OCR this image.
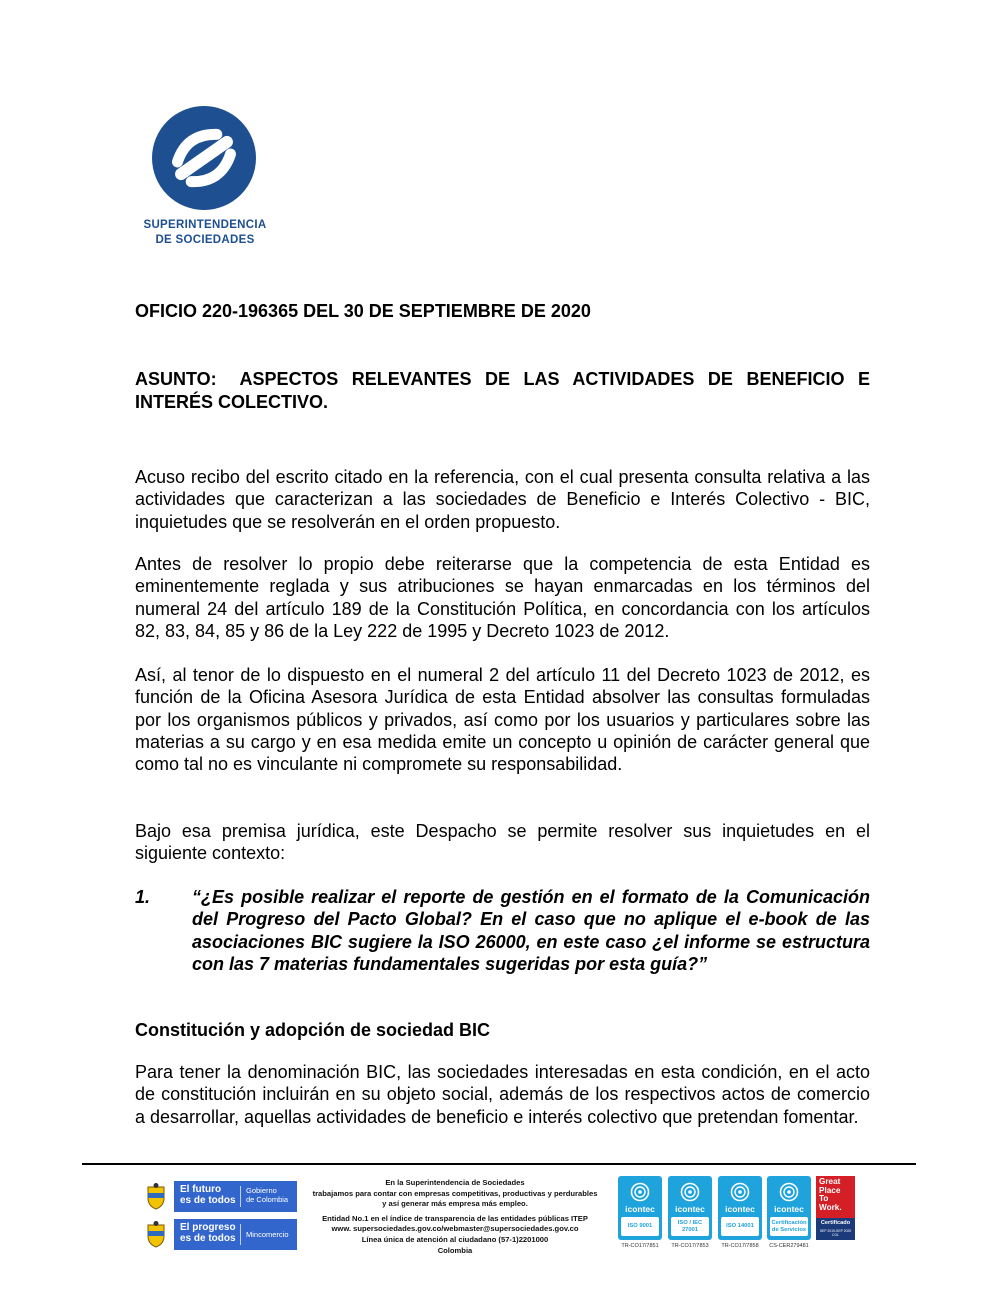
SUPERINTENDENCIA
DE SOCIEDADES
OFICIO 220-196365 DEL 30 DE SEPTIEMBRE DE 2020
ASUNTO: ASPECTOS RELEVANTES DE LAS ACTIVIDADES DE BENEFICIO E INTERÉS COLECTIVO.

Acuso recibo del escrito citado en la referencia, con el cual presenta consulta relativa a las actividades que caracterizan a las sociedades de Beneficio e Interés Colectivo - BIC, inquietudes que se resolverán en el orden propuesto.

Antes de resolver lo propio debe reiterarse que la competencia de esta Entidad es eminentemente reglada y sus atribuciones se hayan enmarcadas en los términos del numeral 24 del artículo 189 de la Constitución Política, en concordancia con los artículos 82, 83, 84, 85 y 86 de la Ley 222 de 1995 y Decreto 1023 de 2012.

Así, al tenor de lo dispuesto en el numeral 2 del artículo 11 del Decreto 1023 de 2012, es función de la Oficina Asesora Jurídica de esta Entidad absolver las consultas formuladas por los organismos públicos y privados, así como por los usuarios y particulares sobre las materias a su cargo y en esa medida emite un concepto u opinión de carácter general que como tal no es vinculante ni compromete su responsabilidad.

Bajo esa premisa jurídica, este Despacho se permite resolver sus inquietudes en el siguiente contexto:

1. “¿Es posible realizar el reporte de gestión en el formato de la Comunicación del Progreso del Pacto Global? En el caso que no aplique el e-book de las asociaciones BIC sugiere la ISO 26000, en este caso ¿el informe se estructura con las 7 materias fundamentales sugeridas por esta guía?”
Constitución y adopción de sociedad BIC

Para tener la denominación BIC, las sociedades interesadas en esta condición, en el acto de constitución incluirán en su objeto social, además de los respectivos actos de comercio a desarrollar, aquellas actividades de beneficio e interés colectivo que pretendan fomentar.

El futuro
es de todos
Gobierno
de Colombia
El progreso
es de todos	Mincomercio
En la Superintendencia de Sociedades
trabajamos para contar con empresas competitivas, productivas y perdurables
y así generar más empresa más empleo.
Entidad No.1 en el índice de transparencia de las entidades públicas ITEP
www. supersociedades.gov.co/webmaster@supersociedades.gov.co
Línea única de atención al ciudadano (57-1)2201000
Colombia
icontec
ISO 9001
icontec
ISO / IEC 27001
icontec
ISO 14001
icontec
Certificación de Servicios
TR-CO17/7851	TR-CO17/7853	TR-CO17/7858	CS-CER279481
Great
Place
To
Work.
Certificado
SEP 2019-SEP 2020 COL
